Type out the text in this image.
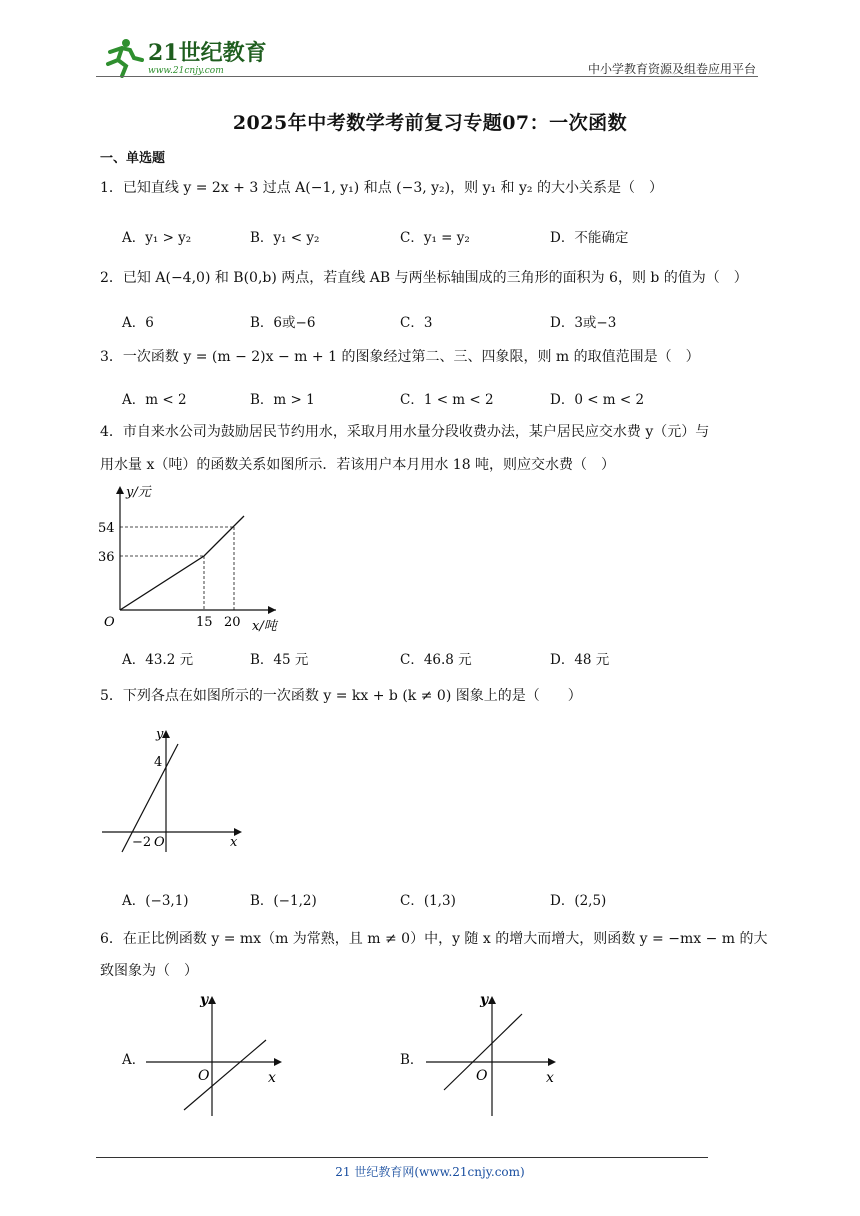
21世纪教育
www.21cnjy.com	中小学教育资源及组卷应用平台
2025年中考数学考前复习专题07：一次函数
一、单选题
1．已知直线 y = 2x + 3 过点 A(−1, y₁) 和点 (−3, y₂)，则 y₁ 和 y₂ 的大小关系是（　）
A．y₁ > y₂	B．y₁ < y₂	C．y₁ = y₂	D．不能确定
2．已知 A(−4,0) 和 B(0,b) 两点，若直线 AB 与两坐标轴围成的三角形的面积为 6，则 b 的值为（　）
A．6	B．6或−6	C．3	D．3或−3
3．一次函数 y = (m − 2)x − m + 1 的图象经过第二、三、四象限，则 m 的取值范围是（　）
A．m < 2	B．m > 1	C．1 < m < 2	D．0 < m < 2
4．市自来水公司为鼓励居民节约用水，采取月用水量分段收费办法，某户居民应交水费 y（元）与
用水量 x（吨）的函数关系如图所示．若该用户本月用水 18 吨，则应交水费（　）
y/元
x/吨
O
54
36
15 20
A．43.2 元	B．45 元	C．46.8 元	D．48 元
5．下列各点在如图所示的一次函数 y = kx + b (k ≠ 0) 图象上的是（　　）
y
x
4
−2 O
A．(−3,1)	B．(−1,2)	C．(1,3)	D．(2,5)
6．在正比例函数 y = mx（m 为常熟，且 m ≠ 0）中，y 随 x 的增大而增大，则函数 y = −mx − m 的大
致图象为（　）
A．
y
x
O
B．
y
x
O
21 世纪教育网(www.21cnjy.com)
